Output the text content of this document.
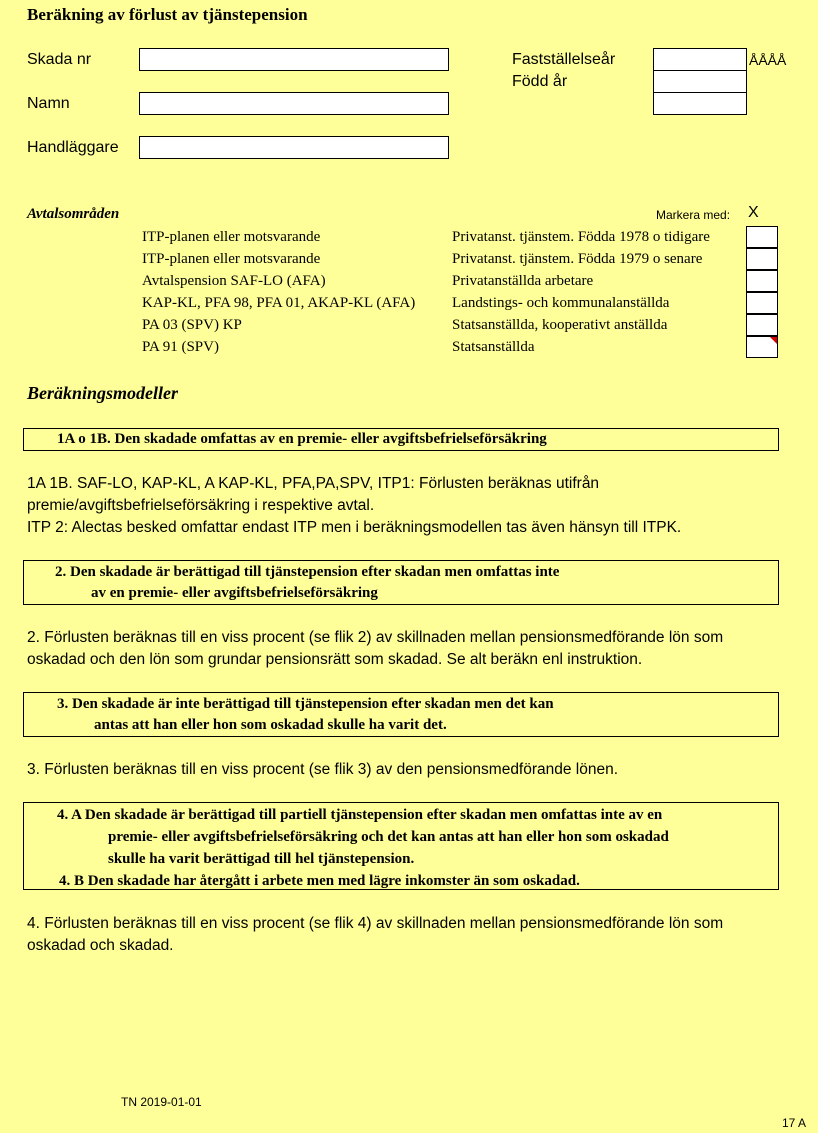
Beräkning av förlust av tjänstepension
Skada nr
Namn
Handläggare
Fastställelseår
Född år
ÅÅÅÅ
Avtalsområden	Markera med: X
ITP-planen eller motsvarande	Privatanst. tjänstem. Födda 1978 o tidigare
ITP-planen eller motsvarande	Privatanst. tjänstem. Födda 1979 o senare
Avtalspension SAF-LO (AFA)	Privatanställda arbetare
KAP-KL, PFA 98, PFA 01, AKAP-KL (AFA)	Landstings- och kommunalanställda
PA 03 (SPV) KP	Statsanställda, kooperativt anställda
PA 91 (SPV)	Statsanställda
Beräkningsmodeller
1A o 1B. Den skadade omfattas av en premie- eller avgiftsbefrielseförsäkring
1A 1B. SAF-LO, KAP-KL, A KAP-KL, PFA,PA,SPV, ITP1: Förlusten beräknas utifrån
premie/avgiftsbefrielseförsäkring i respektive avtal.
ITP 2: Alectas besked omfattar endast ITP men i beräkningsmodellen tas även hänsyn till ITPK.
2. Den skadade är berättigad till tjänstepension efter skadan men omfattas inte
av en premie- eller avgiftsbefrielseförsäkring
2. Förlusten beräknas till en viss procent (se flik 2) av skillnaden mellan pensionsmedförande lön som
oskadad och den lön som grundar pensionsrätt som skadad. Se alt beräkn enl instruktion.
3. Den skadade är inte berättigad till tjänstepension efter skadan men det kan
antas att han eller hon som oskadad skulle ha varit det.
3. Förlusten beräknas till en viss procent (se flik 3) av den pensionsmedförande lönen.
4. A Den skadade är berättigad till partiell tjänstepension efter skadan men omfattas inte av en
premie- eller avgiftsbefrielseförsäkring och det kan antas att han eller hon som oskadad
skulle ha varit berättigad till hel tjänstepension.
4. B Den skadade har återgått i arbete men med lägre inkomster än som oskadad.
4. Förlusten beräknas till en viss procent (se flik 4) av skillnaden mellan pensionsmedförande lön som
oskadad och skadad.
TN 2019-01-01
17 A
